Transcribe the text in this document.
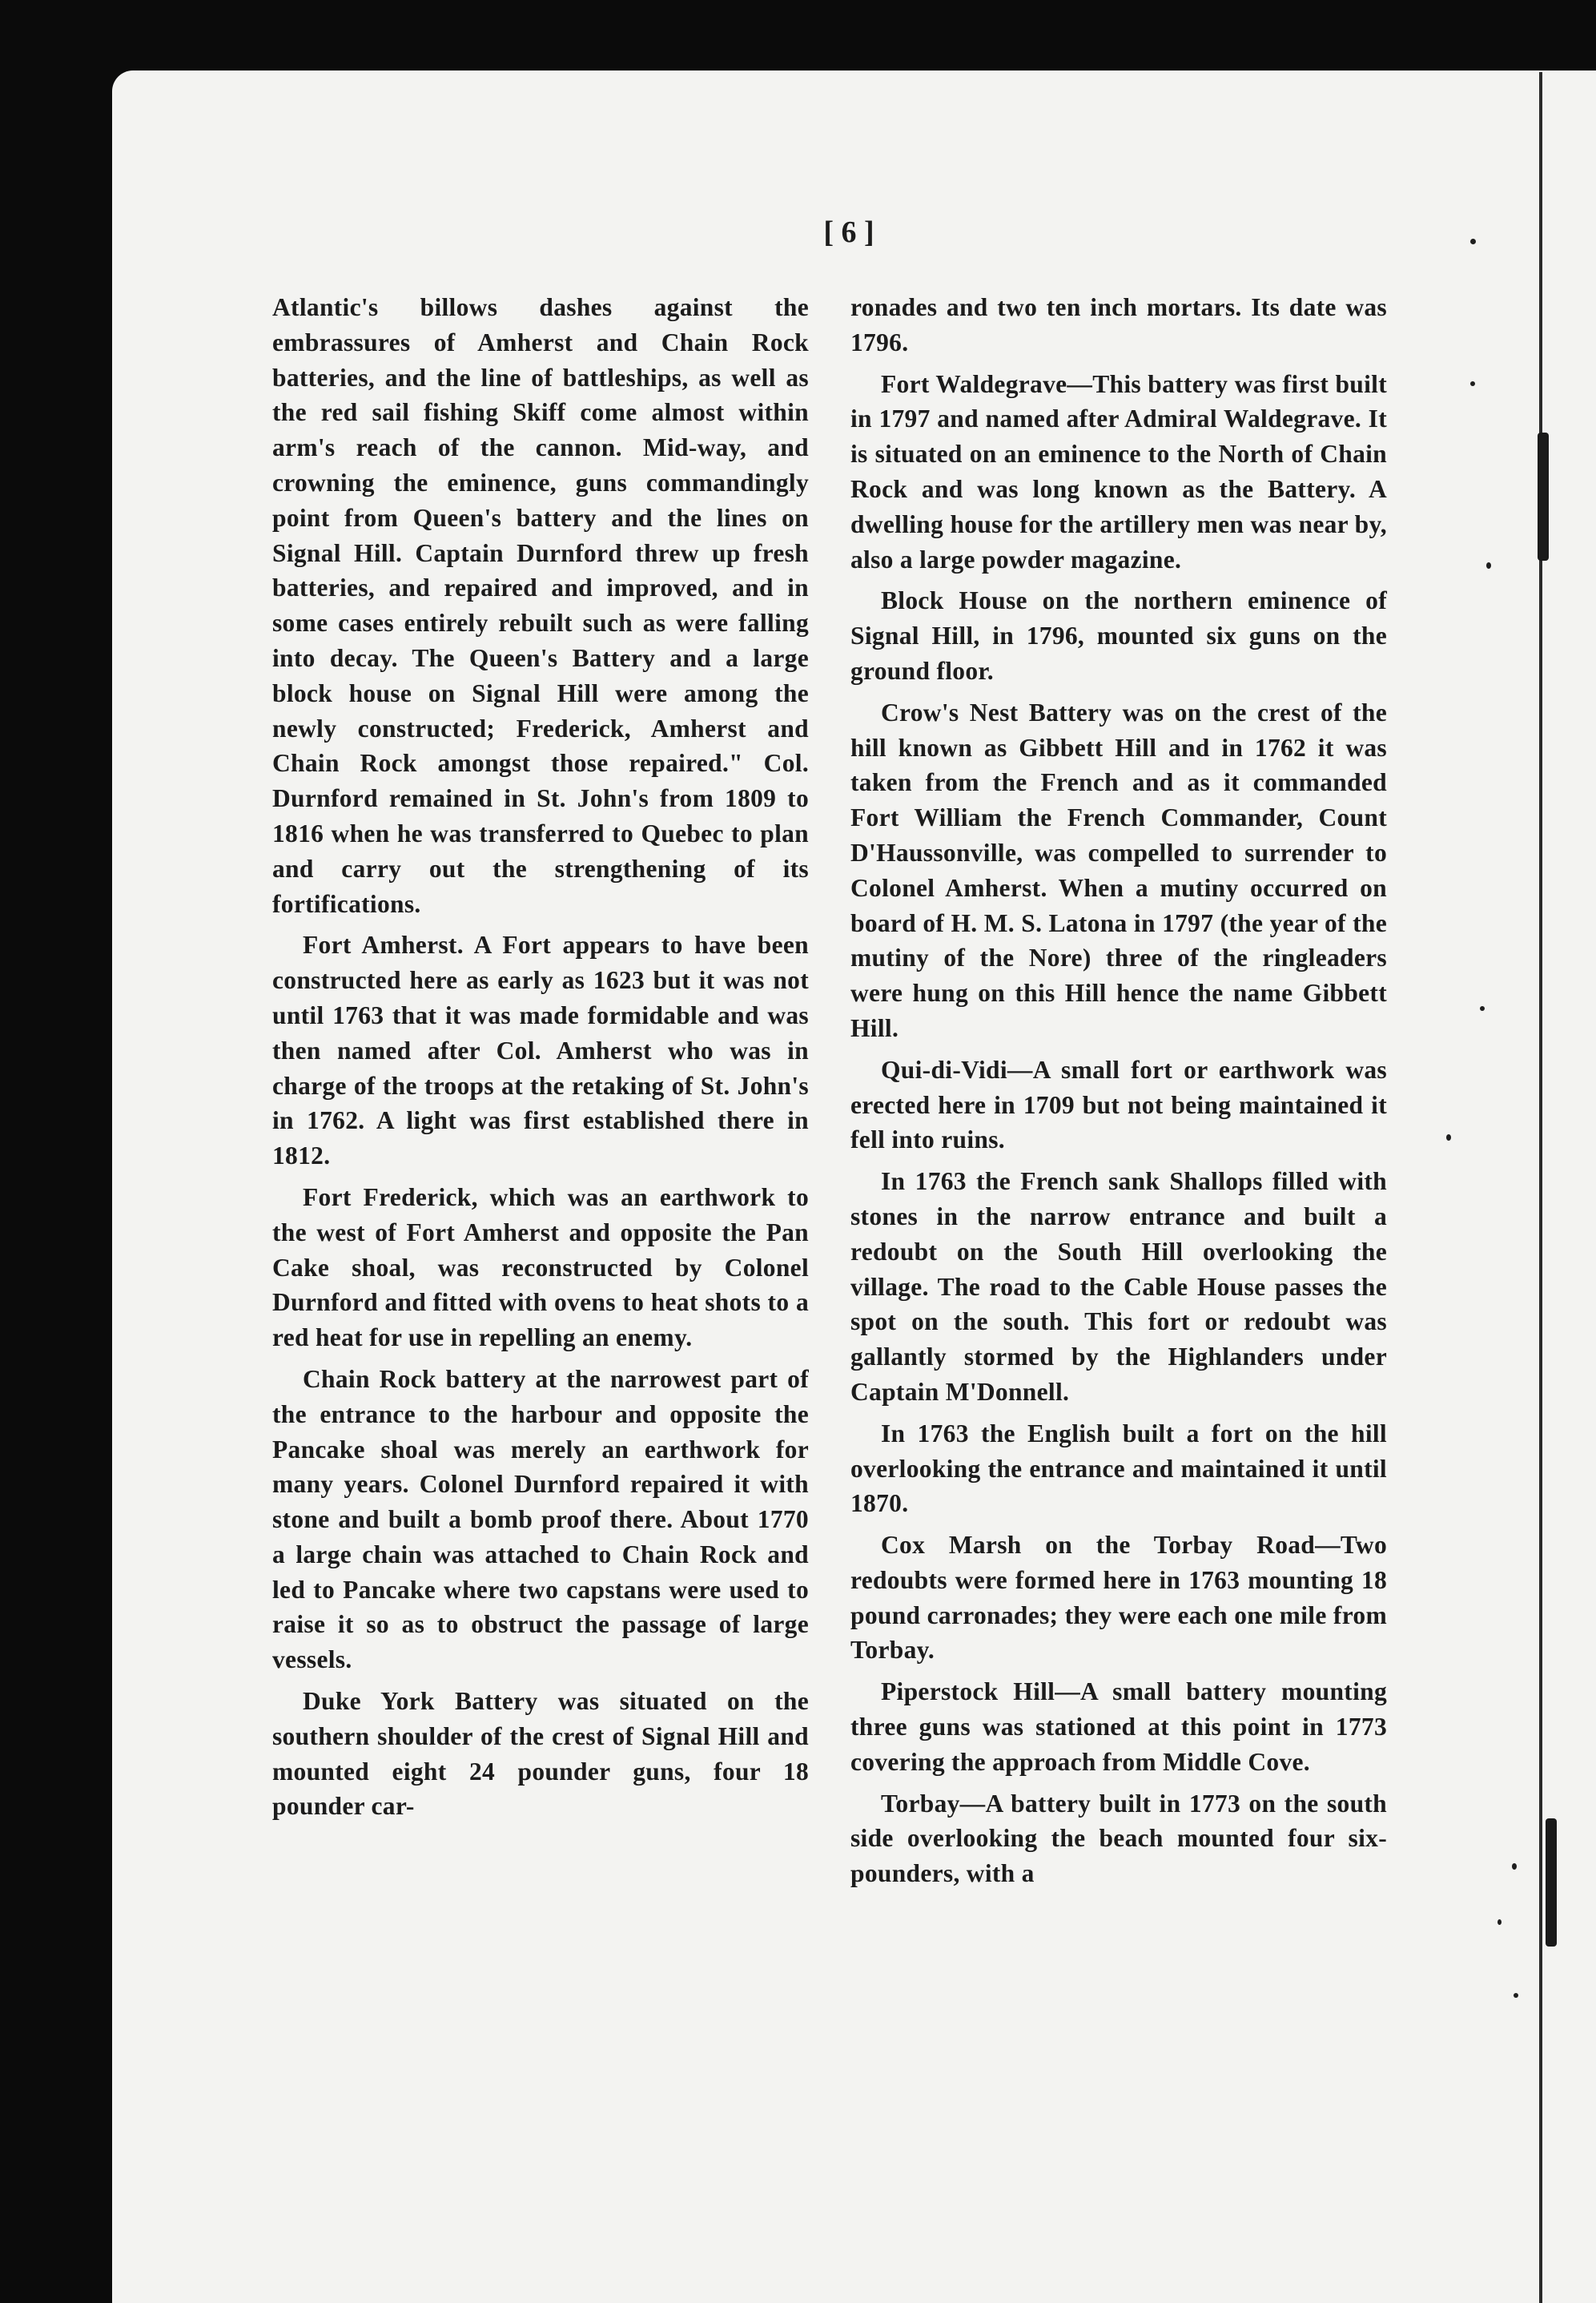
[ 6 ]

Atlantic's billows dashes against the embrassures of Amherst and Chain Rock batteries, and the line of battleships, as well as the red sail fishing Skiff come almost within arm's reach of the cannon. Mid-way, and crowning the eminence, guns commandingly point from Queen's battery and the lines on Signal Hill. Captain Durnford threw up fresh batteries, and repaired and improved, and in some cases entirely rebuilt such as were falling into decay. The Queen's Battery and a large block house on Signal Hill were among the newly constructed; Frederick, Amherst and Chain Rock amongst those repaired." Col. Durnford remained in St. John's from 1809 to 1816 when he was transferred to Quebec to plan and carry out the strengthening of its fortifications.

Fort Amherst. A Fort appears to have been constructed here as early as 1623 but it was not until 1763 that it was made formidable and was then named after Col. Amherst who was in charge of the troops at the retaking of St. John's in 1762. A light was first established there in 1812.

Fort Frederick, which was an earthwork to the west of Fort Amherst and opposite the Pan Cake shoal, was reconstructed by Colonel Durnford and fitted with ovens to heat shots to a red heat for use in repelling an enemy.

Chain Rock battery at the narrowest part of the entrance to the harbour and opposite the Pancake shoal was merely an earthwork for many years. Colonel Durnford repaired it with stone and built a bomb proof there. About 1770 a large chain was attached to Chain Rock and led to Pancake where two capstans were used to raise it so as to obstruct the passage of large vessels.

Duke York Battery was situated on the southern shoulder of the crest of Signal Hill and mounted eight 24 pounder guns, four 18 pounder car-

ronades and two ten inch mortars. Its date was 1796.

Fort Waldegrave—This battery was first built in 1797 and named after Admiral Waldegrave. It is situated on an eminence to the North of Chain Rock and was long known as the Battery. A dwelling house for the artillery men was near by, also a large powder magazine.

Block House on the northern eminence of Signal Hill, in 1796, mounted six guns on the ground floor.

Crow's Nest Battery was on the crest of the hill known as Gibbett Hill and in 1762 it was taken from the French and as it commanded Fort William the French Commander, Count D'Haussonville, was compelled to surrender to Colonel Amherst. When a mutiny occurred on board of H. M. S. Latona in 1797 (the year of the mutiny of the Nore) three of the ringleaders were hung on this Hill hence the name Gibbett Hill.

Qui-di-Vidi—A small fort or earthwork was erected here in 1709 but not being maintained it fell into ruins.

In 1763 the French sank Shallops filled with stones in the narrow entrance and built a redoubt on the South Hill overlooking the village. The road to the Cable House passes the spot on the south. This fort or redoubt was gallantly stormed by the Highlanders under Captain M'Donnell.

In 1763 the English built a fort on the hill overlooking the entrance and maintained it until 1870.

Cox Marsh on the Torbay Road—Two redoubts were formed here in 1763 mounting 18 pound carronades; they were each one mile from Torbay.

Piperstock Hill—A small battery mounting three guns was stationed at this point in 1773 covering the approach from Middle Cove.

Torbay—A battery built in 1773 on the south side overlooking the beach mounted four six-pounders, with a
